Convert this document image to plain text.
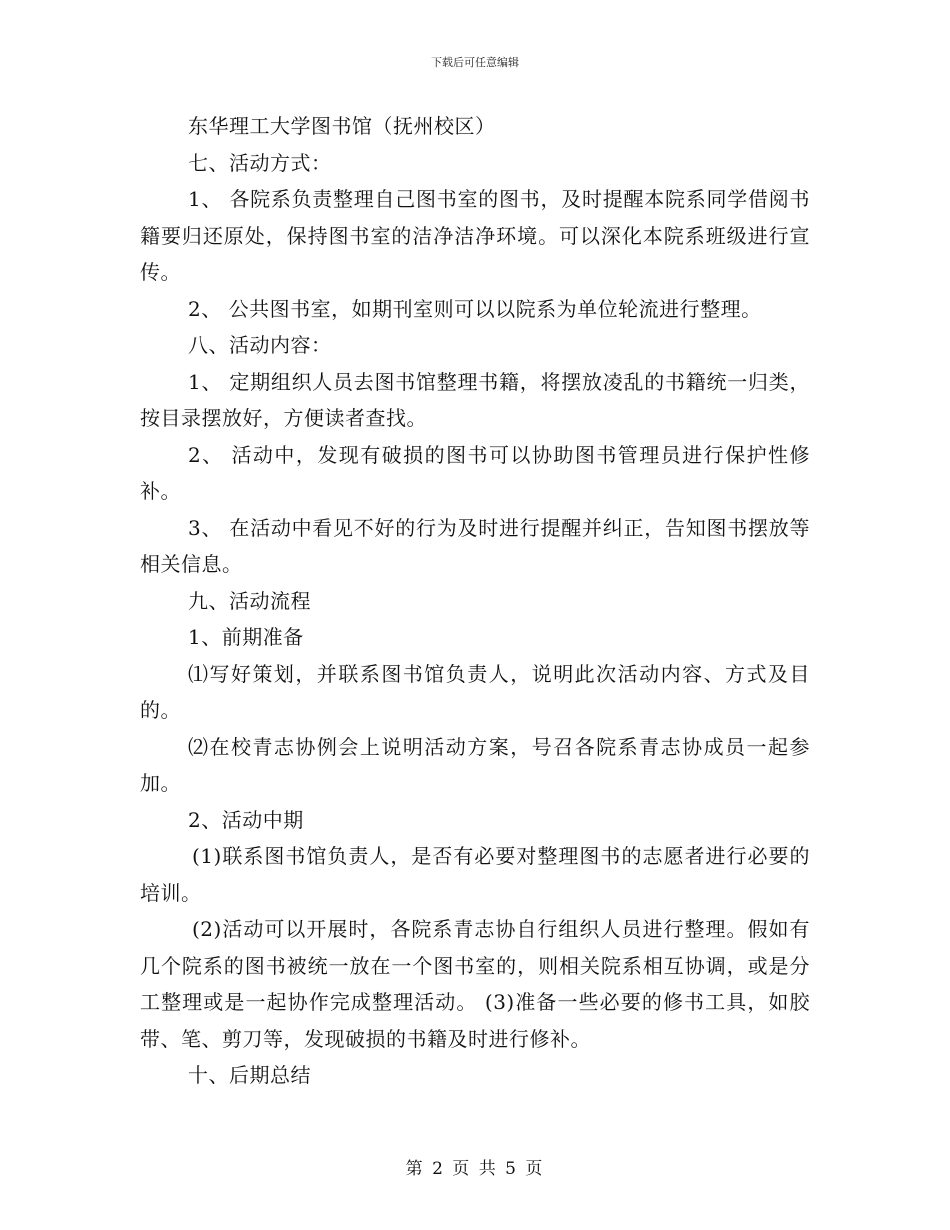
下载后可任意编辑

东华理工大学图书馆（抚州校区）

七、活动方式：

1、 各院系负责整理自己图书室的图书，及时提醒本院系同学借阅书籍要归还原处，保持图书室的洁净洁净环境。可以深化本院系班级进行宣传。

2、 公共图书室，如期刊室则可以以院系为单位轮流进行整理。

八、活动内容：

1、 定期组织人员去图书馆整理书籍，将摆放凌乱的书籍统一归类，按目录摆放好，方便读者查找。

2、 活动中，发现有破损的图书可以协助图书管理员进行保护性修补。

3、 在活动中看见不好的行为及时进行提醒并纠正，告知图书摆放等相关信息。

九、活动流程

1、前期准备

⑴写好策划，并联系图书馆负责人，说明此次活动内容、方式及目的。

⑵在校青志协例会上说明活动方案，号召各院系青志协成员一起参加。

2、活动中期

(1)联系图书馆负责人，是否有必要对整理图书的志愿者进行必要的培训。

(2)活动可以开展时，各院系青志协自行组织人员进行整理。假如有几个院系的图书被统一放在一个图书室的，则相关院系相互协调，或是分工整理或是一起协作完成整理活动。 (3)准备一些必要的修书工具，如胶带、笔、剪刀等，发现破损的书籍及时进行修补。

十、后期总结

第 2 页 共 5 页
